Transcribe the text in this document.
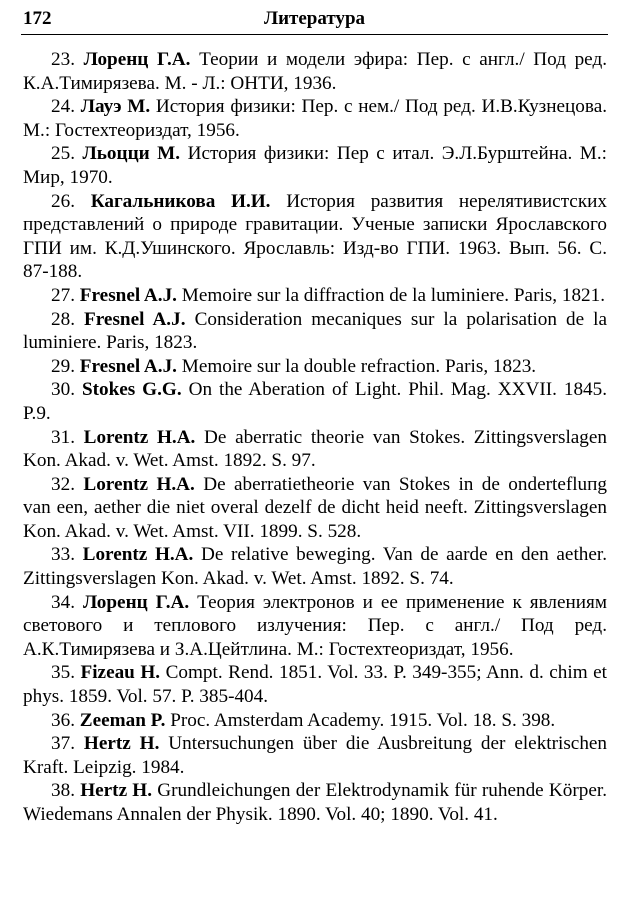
172	Литература

23. Лоренц Г.А. Теории и модели эфира: Пер. с англ./ Под ред. К.А.Тимирязева. М. - Л.: ОНТИ, 1936.

24. Лауэ М. История физики: Пер. с нем./ Под ред. И.В.Кузнецова. М.: Гостехтеориздат, 1956.

25. Льоцци М. История физики: Пер с итал. Э.Л.Бурштейна. М.: Мир, 1970.

26. Кагальникова И.И. История развития нерелятивистских представлений о природе гравитации. Ученые записки Ярославского ГПИ им. К.Д.Ушинского. Ярославль: Изд-во ГПИ. 1963. Вып. 56. С. 87-188.

27. Fresnel A.J. Memoire sur la diffraction de la luminiere. Paris, 1821.

28. Fresnel A.J. Consideration mecaniques sur la polarisation de la luminiere. Paris, 1823.

29. Fresnel A.J. Memoire sur la double refraction. Paris, 1823.

30. Stokes G.G. On the Aberation of Light. Phil. Mag. XXVII. 1845. P.9.

31. Lorentz H.A. De aberratic theorie van Stokes. Zittingsverslagen Kon. Akad. v. Wet. Amst. 1892. S. 97.

32. Lorentz H.A. De aberratietheorie van Stokes in de ondertefluпg van een, aether die niet overal dezelf de dicht heid neeft. Zittingsverslagen Kon. Akad. v. Wet. Amst. VII. 1899. S. 528.

33. Lorentz H.A. De relative beweging. Van de aarde en den aether. Zittingsverslagen Kon. Akad. v. Wet. Amst. 1892. S. 74.

34. Лоренц Г.А. Теория электронов и ее применение к явлениям светового и теплового излучения: Пер. с англ./ Под ред. А.К.Тимирязева и З.А.Цейтлина. М.: Гостехтеориздат, 1956.

35. Fizeau H. Compt. Rend. 1851. Vol. 33. P. 349-355; Ann. d. chim et phys. 1859. Vol. 57. P. 385-404.

36. Zeeman P. Proc. Amsterdam Academy. 1915. Vol. 18. S. 398.

37. Hertz H. Untersuchungen über die Ausbreitung der elektrischen Kraft. Leipzig. 1984.

38. Hertz H. Grundleichungen der Elektrodynamik für ruhende Körper. Wiedemans Annalen der Physik. 1890. Vol. 40; 1890. Vol. 41.
